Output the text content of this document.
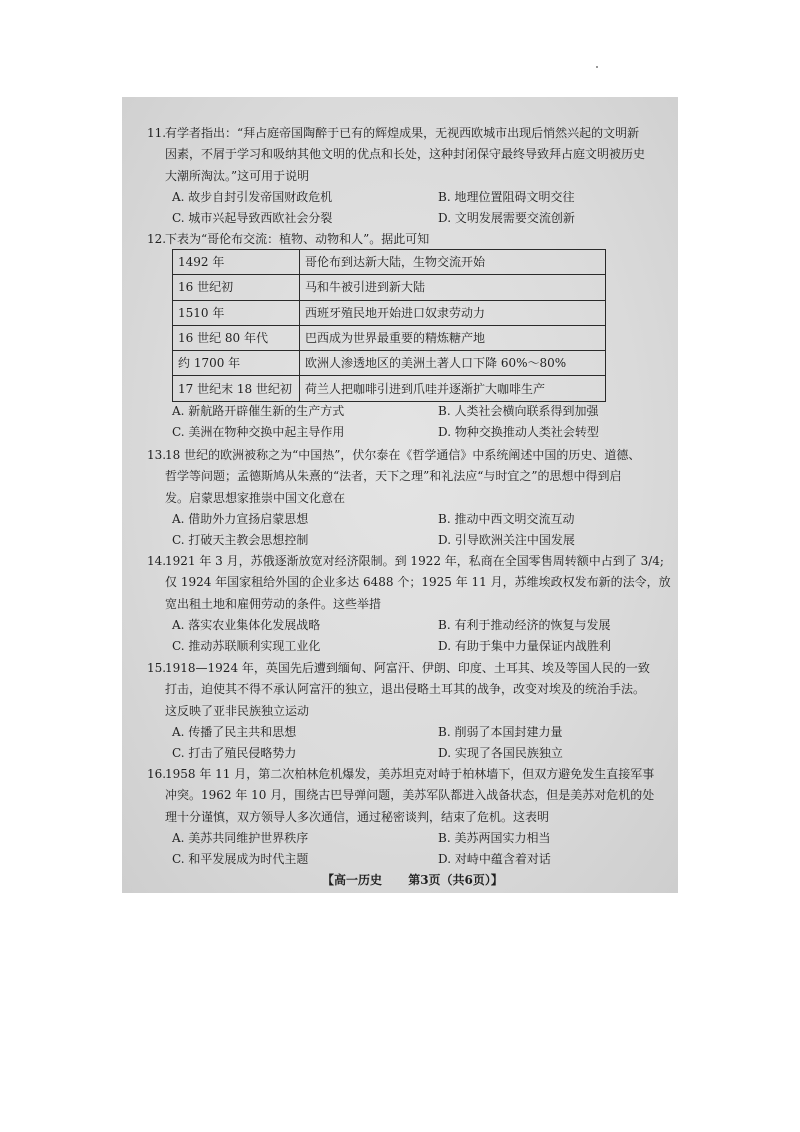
11.
有学者指出：“拜占庭帝国陶醉于已有的辉煌成果，无视西欧城市出现后悄然兴起的文明新
因素，不屑于学习和吸纳其他文明的优点和长处，这种封闭保守最终导致拜占庭文明被历史
大潮所淘汰。”这可用于说明
A. 故步自封引发帝国财政危机	B. 地理位置阻碍文明交往
C. 城市兴起导致西欧社会分裂	D. 文明发展需要交流创新
12.
下表为“哥伦布交流：植物、动物和人”。据此可知
1492 年	哥伦布到达新大陆，生物交流开始
16 世纪初	马和牛被引进到新大陆
1510 年	西班牙殖民地开始进口奴隶劳动力
16 世纪 80 年代	巴西成为世界最重要的精炼糖产地
约 1700 年	欧洲人渗透地区的美洲土著人口下降 60%～80%
17 世纪末 18 世纪初	荷兰人把咖啡引进到爪哇并逐渐扩大咖啡生产
A. 新航路开辟催生新的生产方式	B. 人类社会横向联系得到加强
C. 美洲在物种交换中起主导作用	D. 物种交换推动人类社会转型
13.
18 世纪的欧洲被称之为“中国热”，伏尔泰在《哲学通信》中系统阐述中国的历史、道德、
哲学等问题；孟德斯鸠从朱熹的“法者，天下之理”和礼法应“与时宜之”的思想中得到启
发。启蒙思想家推崇中国文化意在
A. 借助外力宣扬启蒙思想	B. 推动中西文明交流互动
C. 打破天主教会思想控制	D. 引导欧洲关注中国发展
14.
1921 年 3 月，苏俄逐渐放宽对经济限制。到 1922 年，私商在全国零售周转额中占到了 3/4;
仅 1924 年国家租给外国的企业多达 6488 个；1925 年 11 月，苏维埃政权发布新的法令，放
宽出租土地和雇佣劳动的条件。这些举措
A. 落实农业集体化发展战略	B. 有利于推动经济的恢复与发展
C. 推动苏联顺利实现工业化	D. 有助于集中力量保证内战胜利
15.
1918—1924 年，英国先后遭到缅甸、阿富汗、伊朗、印度、土耳其、埃及等国人民的一致
打击，迫使其不得不承认阿富汗的独立，退出侵略土耳其的战争，改变对埃及的统治手法。
这反映了亚非民族独立运动
A. 传播了民主共和思想	B. 削弱了本国封建力量
C. 打击了殖民侵略势力	D. 实现了各国民族独立
16.
1958 年 11 月，第二次柏林危机爆发，美苏坦克对峙于柏林墙下，但双方避免发生直接军事
冲突。1962 年 10 月，围绕古巴导弹问题，美苏军队都进入战备状态，但是美苏对危机的处
理十分谨慎，双方领导人多次通信，通过秘密谈判，结束了危机。这表明
A. 美苏共同维护世界秩序	B. 美苏两国实力相当
C. 和平发展成为时代主题	D. 对峙中蕴含着对话
【高一历史 第3页（共6页）】
